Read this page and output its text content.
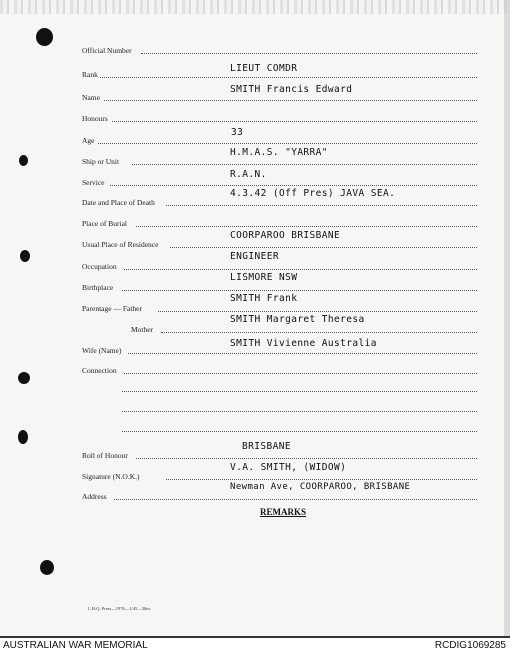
Official Number
Rank
LIEUT COMDR
Name
SMITH Francis Edward
Honours
Age
33
Ship or Unit
H.M.A.S. "YARRA"
Service
R.A.N.
Date and Place of Death
4.3.42 (Off Pres) JAVA SEA.
Place of Burial
Usual Place of Residence
COORPAROO BRISBANE
Occupation
ENGINEER
Birthplace
LISMORE NSW
Parentage — Father
SMITH Frank
Mother
SMITH Margaret Theresa
Wife (Name)
SMITH Vivienne Australia
Connection
Roll of Honour
BRISBANE
Signature (N.O.K.)
V.A. SMITH, (WIDOW)
Address
Newman Ave, COORPAROO, BRISBANE
REMARKS
L.H.Q. Press—1976—1/45—30m.
AUSTRALIAN WAR MEMORIAL	RCDIG1069285
